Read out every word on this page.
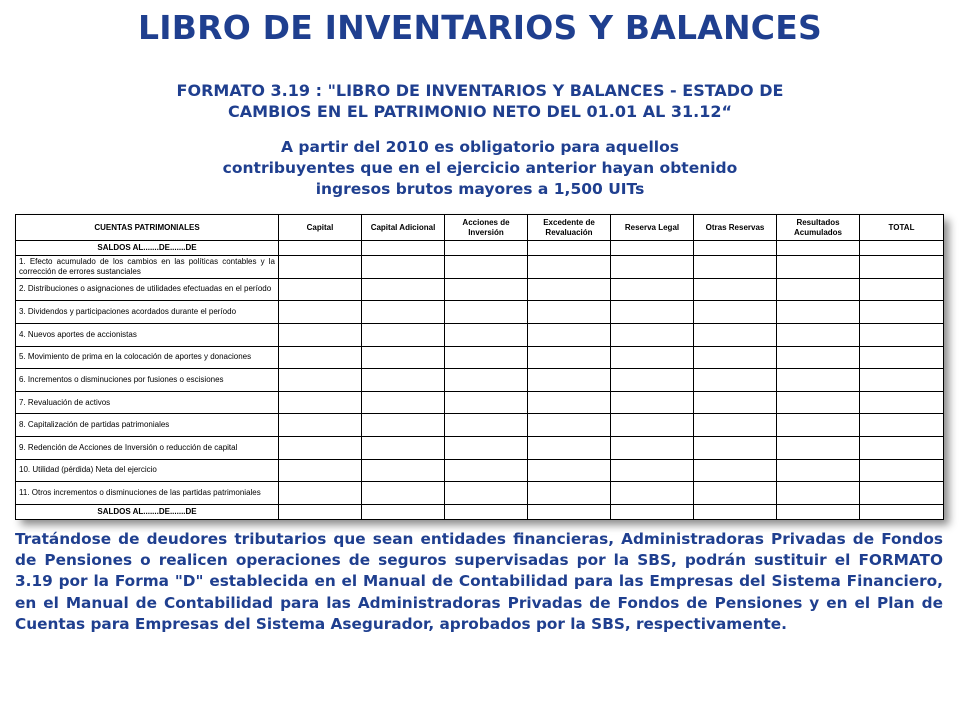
LIBRO DE INVENTARIOS Y BALANCES
FORMATO 3.19 : "LIBRO DE INVENTARIOS Y BALANCES - ESTADO DE
CAMBIOS EN EL PATRIMONIO NETO DEL 01.01 AL 31.12“
A partir del 2010 es obligatorio para aquellos
contribuyentes que en el ejercicio anterior hayan obtenido
ingresos brutos mayores a 1,500 UITs
CUENTAS PATRIMONIALES	Capital	Capital Adicional	Acciones de Inversión	Excedente de Revaluación	Reserva Legal	Otras Reservas	Resultados Acumulados	TOTAL
SALDOS AL.......DE.......DE								
1. Efecto acumulado de los cambios en las políticas contables y la corrección de errores sustanciales								
2. Distribuciones o asignaciones de utilidades efectuadas en el período								
3. Dividendos y participaciones acordados durante el período								
4. Nuevos aportes de accionistas								
5. Movimiento de prima en la colocación de aportes y donaciones								
6. Incrementos o disminuciones por fusiones o escisiones								
7. Revaluación de activos								
8. Capitalización de partidas patrimoniales								
9. Redención de Acciones de Inversión o reducción de capital								
10. Utilidad (pérdida) Neta del ejercicio								
11. Otros incrementos o disminuciones de las partidas patrimoniales								
SALDOS AL.......DE.......DE								
Tratándose de deudores tributarios que sean entidades financieras, Administradoras Privadas de Fondos de Pensiones o realicen operaciones de seguros supervisadas por la SBS, podrán sustituir el FORMATO 3.19 por la Forma "D" establecida en el Manual de Contabilidad para las Empresas del Sistema Financiero, en el Manual de Contabilidad para las Administradoras Privadas de Fondos de Pensiones y en el Plan de Cuentas para Empresas del Sistema Asegurador, aprobados por la SBS, respectivamente.
